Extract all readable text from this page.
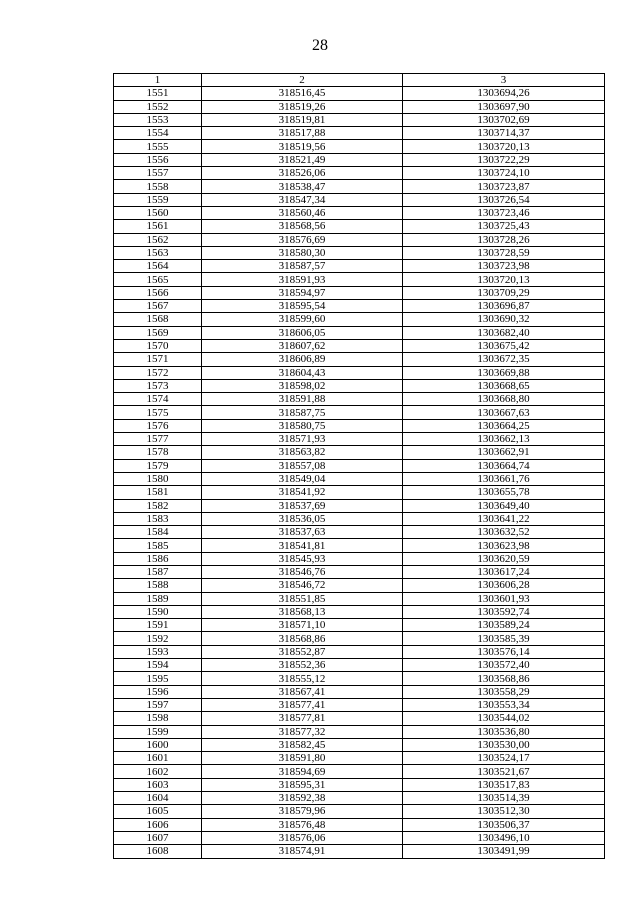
28
1	2	3
1551	318516,45	1303694,26
1552	318519,26	1303697,90
1553	318519,81	1303702,69
1554	318517,88	1303714,37
1555	318519,56	1303720,13
1556	318521,49	1303722,29
1557	318526,06	1303724,10
1558	318538,47	1303723,87
1559	318547,34	1303726,54
1560	318560,46	1303723,46
1561	318568,56	1303725,43
1562	318576,69	1303728,26
1563	318580,30	1303728,59
1564	318587,57	1303723,98
1565	318591,93	1303720,13
1566	318594,97	1303709,29
1567	318595,54	1303696,87
1568	318599,60	1303690,32
1569	318606,05	1303682,40
1570	318607,62	1303675,42
1571	318606,89	1303672,35
1572	318604,43	1303669,88
1573	318598,02	1303668,65
1574	318591,88	1303668,80
1575	318587,75	1303667,63
1576	318580,75	1303664,25
1577	318571,93	1303662,13
1578	318563,82	1303662,91
1579	318557,08	1303664,74
1580	318549,04	1303661,76
1581	318541,92	1303655,78
1582	318537,69	1303649,40
1583	318536,05	1303641,22
1584	318537,63	1303632,52
1585	318541,81	1303623,98
1586	318545,93	1303620,59
1587	318546,76	1303617,24
1588	318546,72	1303606,28
1589	318551,85	1303601,93
1590	318568,13	1303592,74
1591	318571,10	1303589,24
1592	318568,86	1303585,39
1593	318552,87	1303576,14
1594	318552,36	1303572,40
1595	318555,12	1303568,86
1596	318567,41	1303558,29
1597	318577,41	1303553,34
1598	318577,81	1303544,02
1599	318577,32	1303536,80
1600	318582,45	1303530,00
1601	318591,80	1303524,17
1602	318594,69	1303521,67
1603	318595,31	1303517,83
1604	318592,38	1303514,39
1605	318579,96	1303512,30
1606	318576,48	1303506,37
1607	318576,06	1303496,10
1608	318574,91	1303491,99
